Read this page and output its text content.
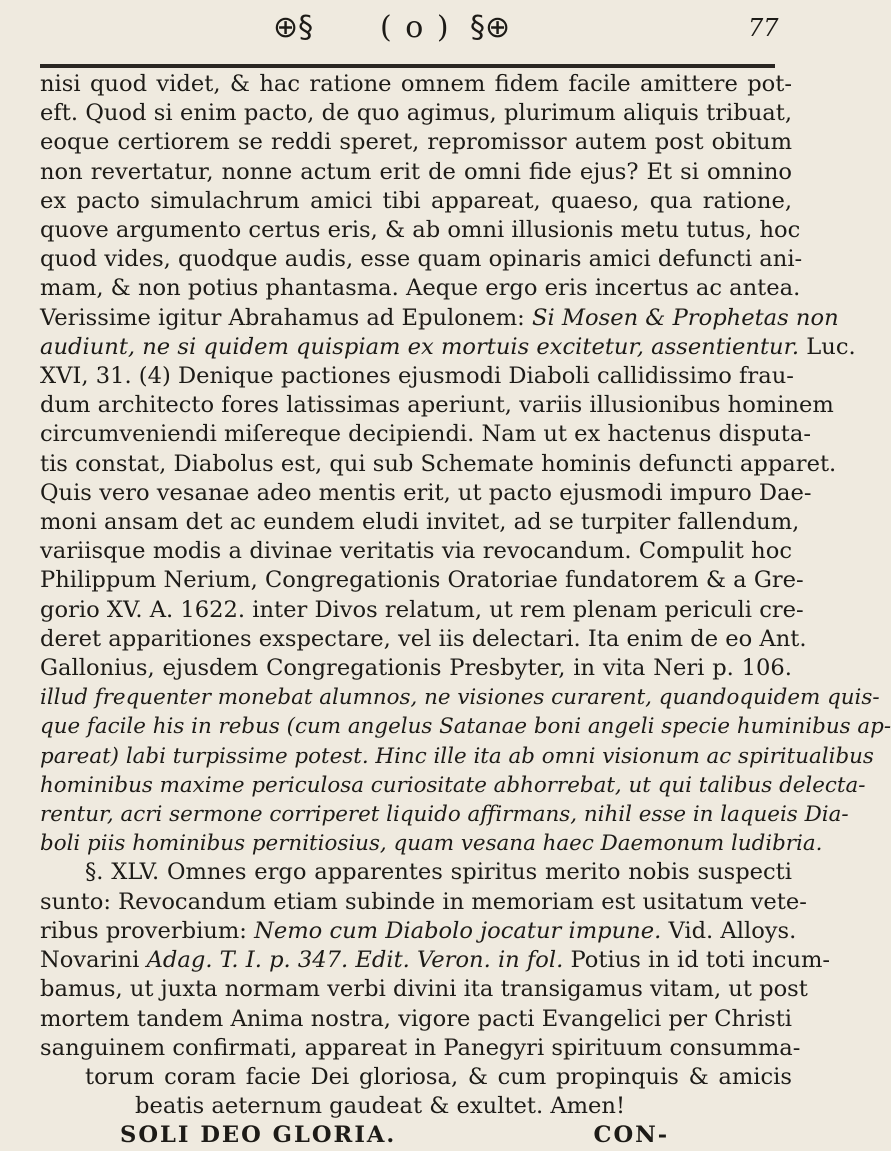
⊕§ ( o ) §⊕	77
nisi quod videt, & hac ratione omnem fidem facile amittere pot-
eft. Quod si enim pacto, de quo agimus, plurimum aliquis tribuat,
eoque certiorem se reddi speret, repromissor autem post obitum
non revertatur, nonne actum erit de omni fide ejus? Et si omnino
ex pacto simulachrum amici tibi appareat, quaeso, qua ratione,
quove argumento certus eris, & ab omni illusionis metu tutus, hoc
quod vides, quodque audis, esse quam opinaris amici defuncti ani-
mam, & non potius phantasma. Aeque ergo eris incertus ac antea.
Verissime igitur Abrahamus ad Epulonem: Si Mosen & Prophetas non
audiunt, ne si quidem quispiam ex mortuis excitetur, assentientur. Luc.
XVI, 31. (4) Denique pactiones ejusmodi Diaboli callidissimo frau-
dum architecto fores latissimas aperiunt, variis illusionibus hominem
circumveniendi miſereque decipiendi. Nam ut ex hactenus disputa-
tis constat, Diabolus est, qui sub Schemate hominis defuncti apparet.
Quis vero vesanae adeo mentis erit, ut pacto ejusmodi impuro Dae-
moni ansam det ac eundem eludi invitet, ad se turpiter fallendum,
variisque modis a divinae veritatis via revocandum. Compulit hoc
Philippum Nerium, Congregationis Oratoriae fundatorem & a Gre-
gorio XV. A. 1622. inter Divos relatum, ut rem plenam periculi cre-
deret apparitiones exspectare, vel iis delectari. Ita enim de eo Ant.
Gallonius, ejusdem Congregationis Presbyter, in vita Neri p. 106.
illud frequenter monebat alumnos, ne visiones curarent, quandoquidem quis-
que facile his in rebus (cum angelus Satanae boni angeli specie huminibus ap-
pareat) labi turpissime potest. Hinc ille ita ab omni visionum ac spiritualibus
hominibus maxime periculosa curiositate abhorrebat, ut qui talibus delecta-
rentur, acri sermone corriperet liquido affirmans, nihil esse in laqueis Dia-
boli piis hominibus pernitiosius, quam vesana haec Daemonum ludibria.
§. XLV. Omnes ergo apparentes spiritus merito nobis suspecti
sunto: Revocandum etiam subinde in memoriam est usitatum vete-
ribus proverbium: Nemo cum Diabolo jocatur impune. Vid. Alloys.
Novarini Adag. T. I. p. 347. Edit. Veron. in fol. Potius in id toti incum-
bamus, ut juxta normam verbi divini ita transigamus vitam, ut post
mortem tandem Anima nostra, vigore pacti Evangelici per Christi
sanguinem confirmati, appareat in Panegyri spirituum consumma-
torum coram facie Dei gloriosa, & cum propinquis & amicis
beatis aeternum gaudeat & exultet. Amen!
SOLI DEO GLORIA.	CON-
